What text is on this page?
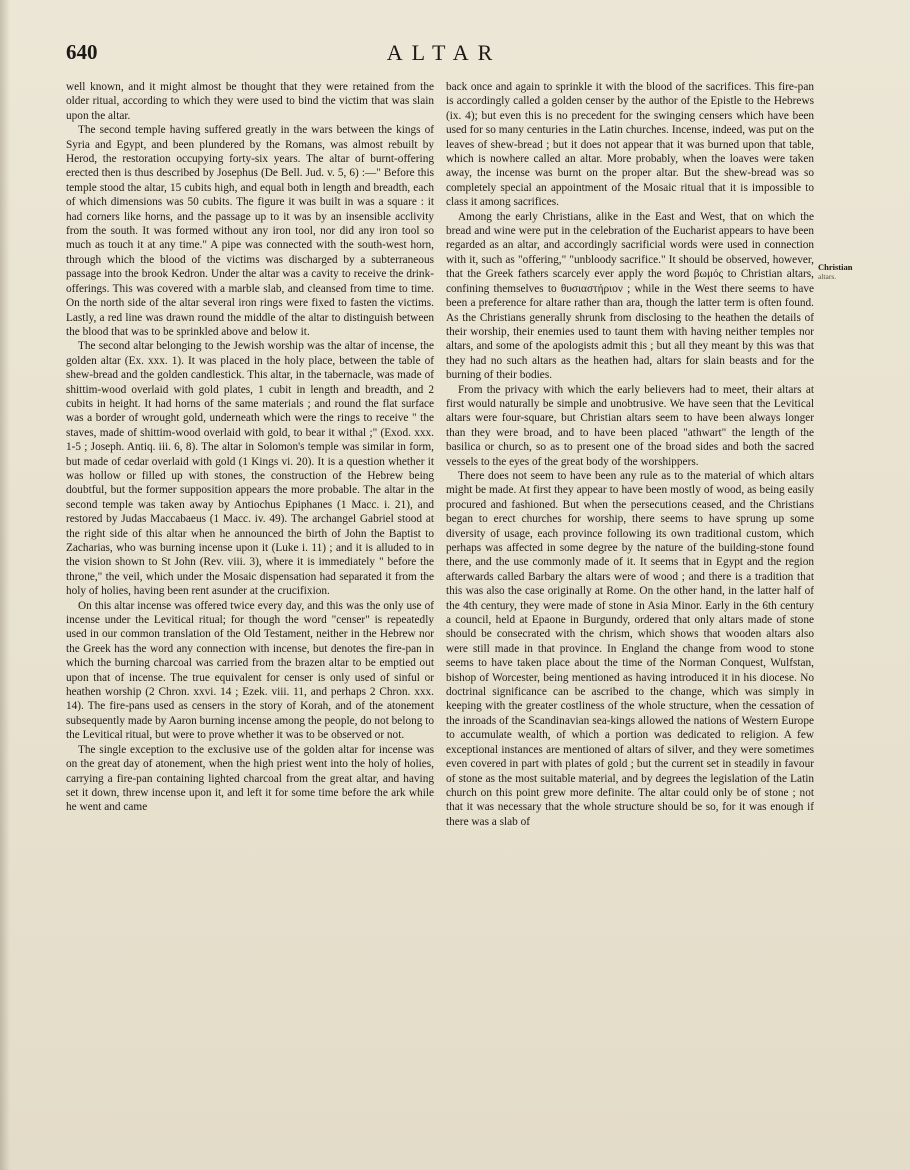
640	ALTAR

well known, and it might almost be thought that they were retained from the older ritual, according to which they were used to bind the victim that was slain upon the altar.

The second temple having suffered greatly in the wars between the kings of Syria and Egypt, and been plundered by the Romans, was almost rebuilt by Herod, the restoration occupying forty-six years. The altar of burnt-offering erected then is thus described by Josephus (De Bell. Jud. v. 5, 6) :—" Before this temple stood the altar, 15 cubits high, and equal both in length and breadth, each of which dimensions was 50 cubits. The figure it was built in was a square : it had corners like horns, and the passage up to it was by an insensible acclivity from the south. It was formed without any iron tool, nor did any iron tool so much as touch it at any time." A pipe was connected with the south-west horn, through which the blood of the victims was discharged by a subterraneous passage into the brook Kedron. Under the altar was a cavity to receive the drink-offerings. This was covered with a marble slab, and cleansed from time to time. On the north side of the altar several iron rings were fixed to fasten the victims. Lastly, a red line was drawn round the middle of the altar to distinguish between the blood that was to be sprinkled above and below it.

The second altar belonging to the Jewish worship was the altar of incense, the golden altar (Ex. xxx. 1). It was placed in the holy place, between the table of shew-bread and the golden candlestick. This altar, in the tabernacle, was made of shittim-wood overlaid with gold plates, 1 cubit in length and breadth, and 2 cubits in height. It had horns of the same materials ; and round the flat surface was a border of wrought gold, underneath which were the rings to receive " the staves, made of shittim-wood overlaid with gold, to bear it withal ;" (Exod. xxx. 1-5 ; Joseph. Antiq. iii. 6, 8). The altar in Solomon's temple was similar in form, but made of cedar overlaid with gold (1 Kings vi. 20). It is a question whether it was hollow or filled up with stones, the construction of the Hebrew being doubtful, but the former supposition appears the more probable. The altar in the second temple was taken away by Antiochus Epiphanes (1 Macc. i. 21), and restored by Judas Maccabaeus (1 Macc. iv. 49). The archangel Gabriel stood at the right side of this altar when he announced the birth of John the Baptist to Zacharias, who was burning incense upon it (Luke i. 11) ; and it is alluded to in the vision shown to St John (Rev. viii. 3), where it is immediately " before the throne," the veil, which under the Mosaic dispensation had separated it from the holy of holies, having been rent asunder at the crucifixion.

On this altar incense was offered twice every day, and this was the only use of incense under the Levitical ritual; for though the word "censer" is repeatedly used in our common translation of the Old Testament, neither in the Hebrew nor the Greek has the word any connection with incense, but denotes the fire-pan in which the burning charcoal was carried from the brazen altar to be emptied out upon that of incense. The true equivalent for censer is only used of sinful or heathen worship (2 Chron. xxvi. 14 ; Ezek. viii. 11, and perhaps 2 Chron. xxx. 14). The fire-pans used as censers in the story of Korah, and of the atonement subsequently made by Aaron burning incense among the people, do not belong to the Levitical ritual, but were to prove whether it was to be observed or not.

The single exception to the exclusive use of the golden altar for incense was on the great day of atonement, when the high priest went into the holy of holies, carrying a fire-pan containing lighted charcoal from the great altar, and having set it down, threw incense upon it, and left it for some time before the ark while he went and came

back once and again to sprinkle it with the blood of the sacrifices. This fire-pan is accordingly called a golden censer by the author of the Epistle to the Hebrews (ix. 4); but even this is no precedent for the swinging censers which have been used for so many centuries in the Latin churches. Incense, indeed, was put on the leaves of shew-bread ; but it does not appear that it was burned upon that table, which is nowhere called an altar. More probably, when the loaves were taken away, the incense was burnt on the proper altar. But the shew-bread was so completely special an appointment of the Mosaic ritual that it is impossible to class it among sacrifices.

Among the early Christians, alike in the East and West, that on which the bread and wine were put in the celebration of the Eucharist appears to have been regarded as an altar, and accordingly sacrificial words were used in connection with it, such as "offering," "unbloody sacrifice." It should be observed, however, that the Greek fathers scarcely ever apply the word βωμός to Christian altars, confining themselves to θυσιαστήριον ; while in the West there seems to have been a preference for altare rather than ara, though the latter term is often found. As the Christians generally shrunk from disclosing to the heathen the details of their worship, their enemies used to taunt them with having neither temples nor altars, and some of the apologists admit this ; but all they meant by this was that they had no such altars as the heathen had, altars for slain beasts and for the burning of their bodies.

From the privacy with which the early believers had to meet, their altars at first would naturally be simple and unobtrusive. We have seen that the Levitical altars were four-square, but Christian altars seem to have been always longer than they were broad, and to have been placed "athwart" the length of the basilica or church, so as to present one of the broad sides and both the sacred vessels to the eyes of the great body of the worshippers.

There does not seem to have been any rule as to the material of which altars might be made. At first they appear to have been mostly of wood, as being easily procured and fashioned. But when the persecutions ceased, and the Christians began to erect churches for worship, there seems to have sprung up some diversity of usage, each province following its own traditional custom, which perhaps was affected in some degree by the nature of the building-stone found there, and the use commonly made of it. It seems that in Egypt and the region afterwards called Barbary the altars were of wood ; and there is a tradition that this was also the case originally at Rome. On the other hand, in the latter half of the 4th century, they were made of stone in Asia Minor. Early in the 6th century a council, held at Epaone in Burgundy, ordered that only altars made of stone should be consecrated with the chrism, which shows that wooden altars also were still made in that province. In England the change from wood to stone seems to have taken place about the time of the Norman Conquest, Wulfstan, bishop of Worcester, being mentioned as having introduced it in his diocese. No doctrinal significance can be ascribed to the change, which was simply in keeping with the greater costliness of the whole structure, when the cessation of the inroads of the Scandinavian sea-kings allowed the nations of Western Europe to accumulate wealth, of which a portion was dedicated to religion. A few exceptional instances are mentioned of altars of silver, and they were sometimes even covered in part with plates of gold ; but the current set in steadily in favour of stone as the most suitable material, and by degrees the legislation of the Latin church on this point grew more definite. The altar could only be of stone ; not that it was necessary that the whole structure should be so, for it was enough if there was a slab of

Christian
altars.
